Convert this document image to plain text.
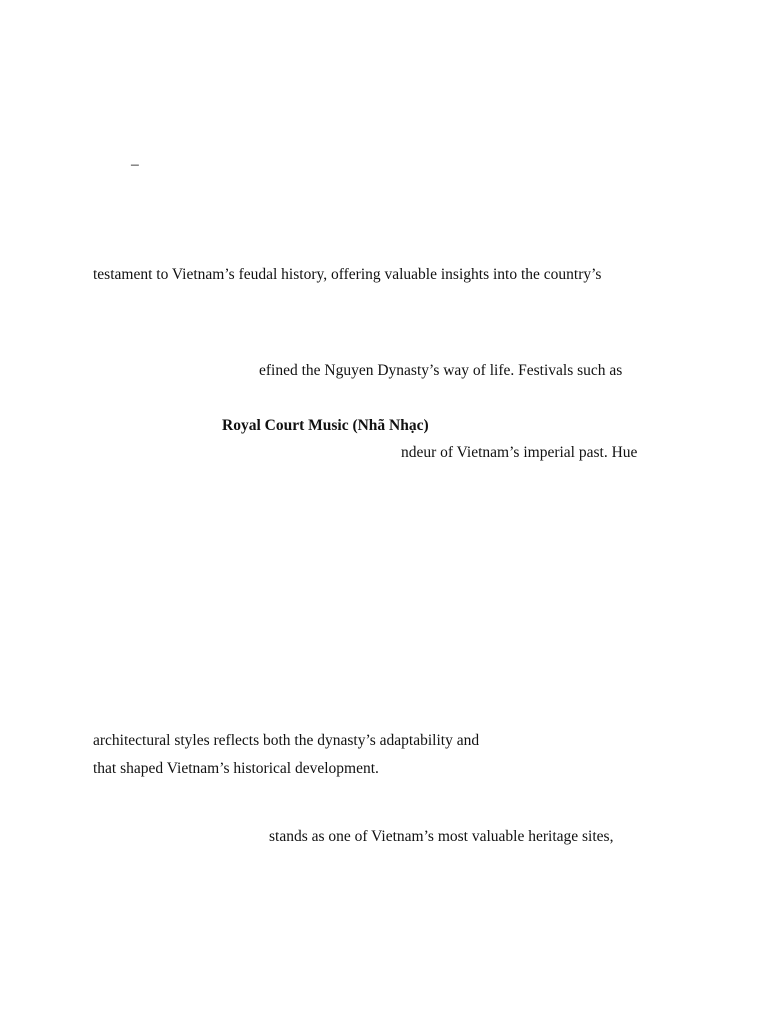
–
testament to Vietnam’s feudal history, offering valuable insights into the country’s
efined the Nguyen Dynasty’s way of life. Festivals such as
Royal Court Music (Nhã Nhạc)
ndeur of Vietnam’s imperial past. Hue
architectural styles reflects both the dynasty’s adaptability and
that shaped Vietnam’s historical development.
stands as one of Vietnam’s most valuable heritage sites,
